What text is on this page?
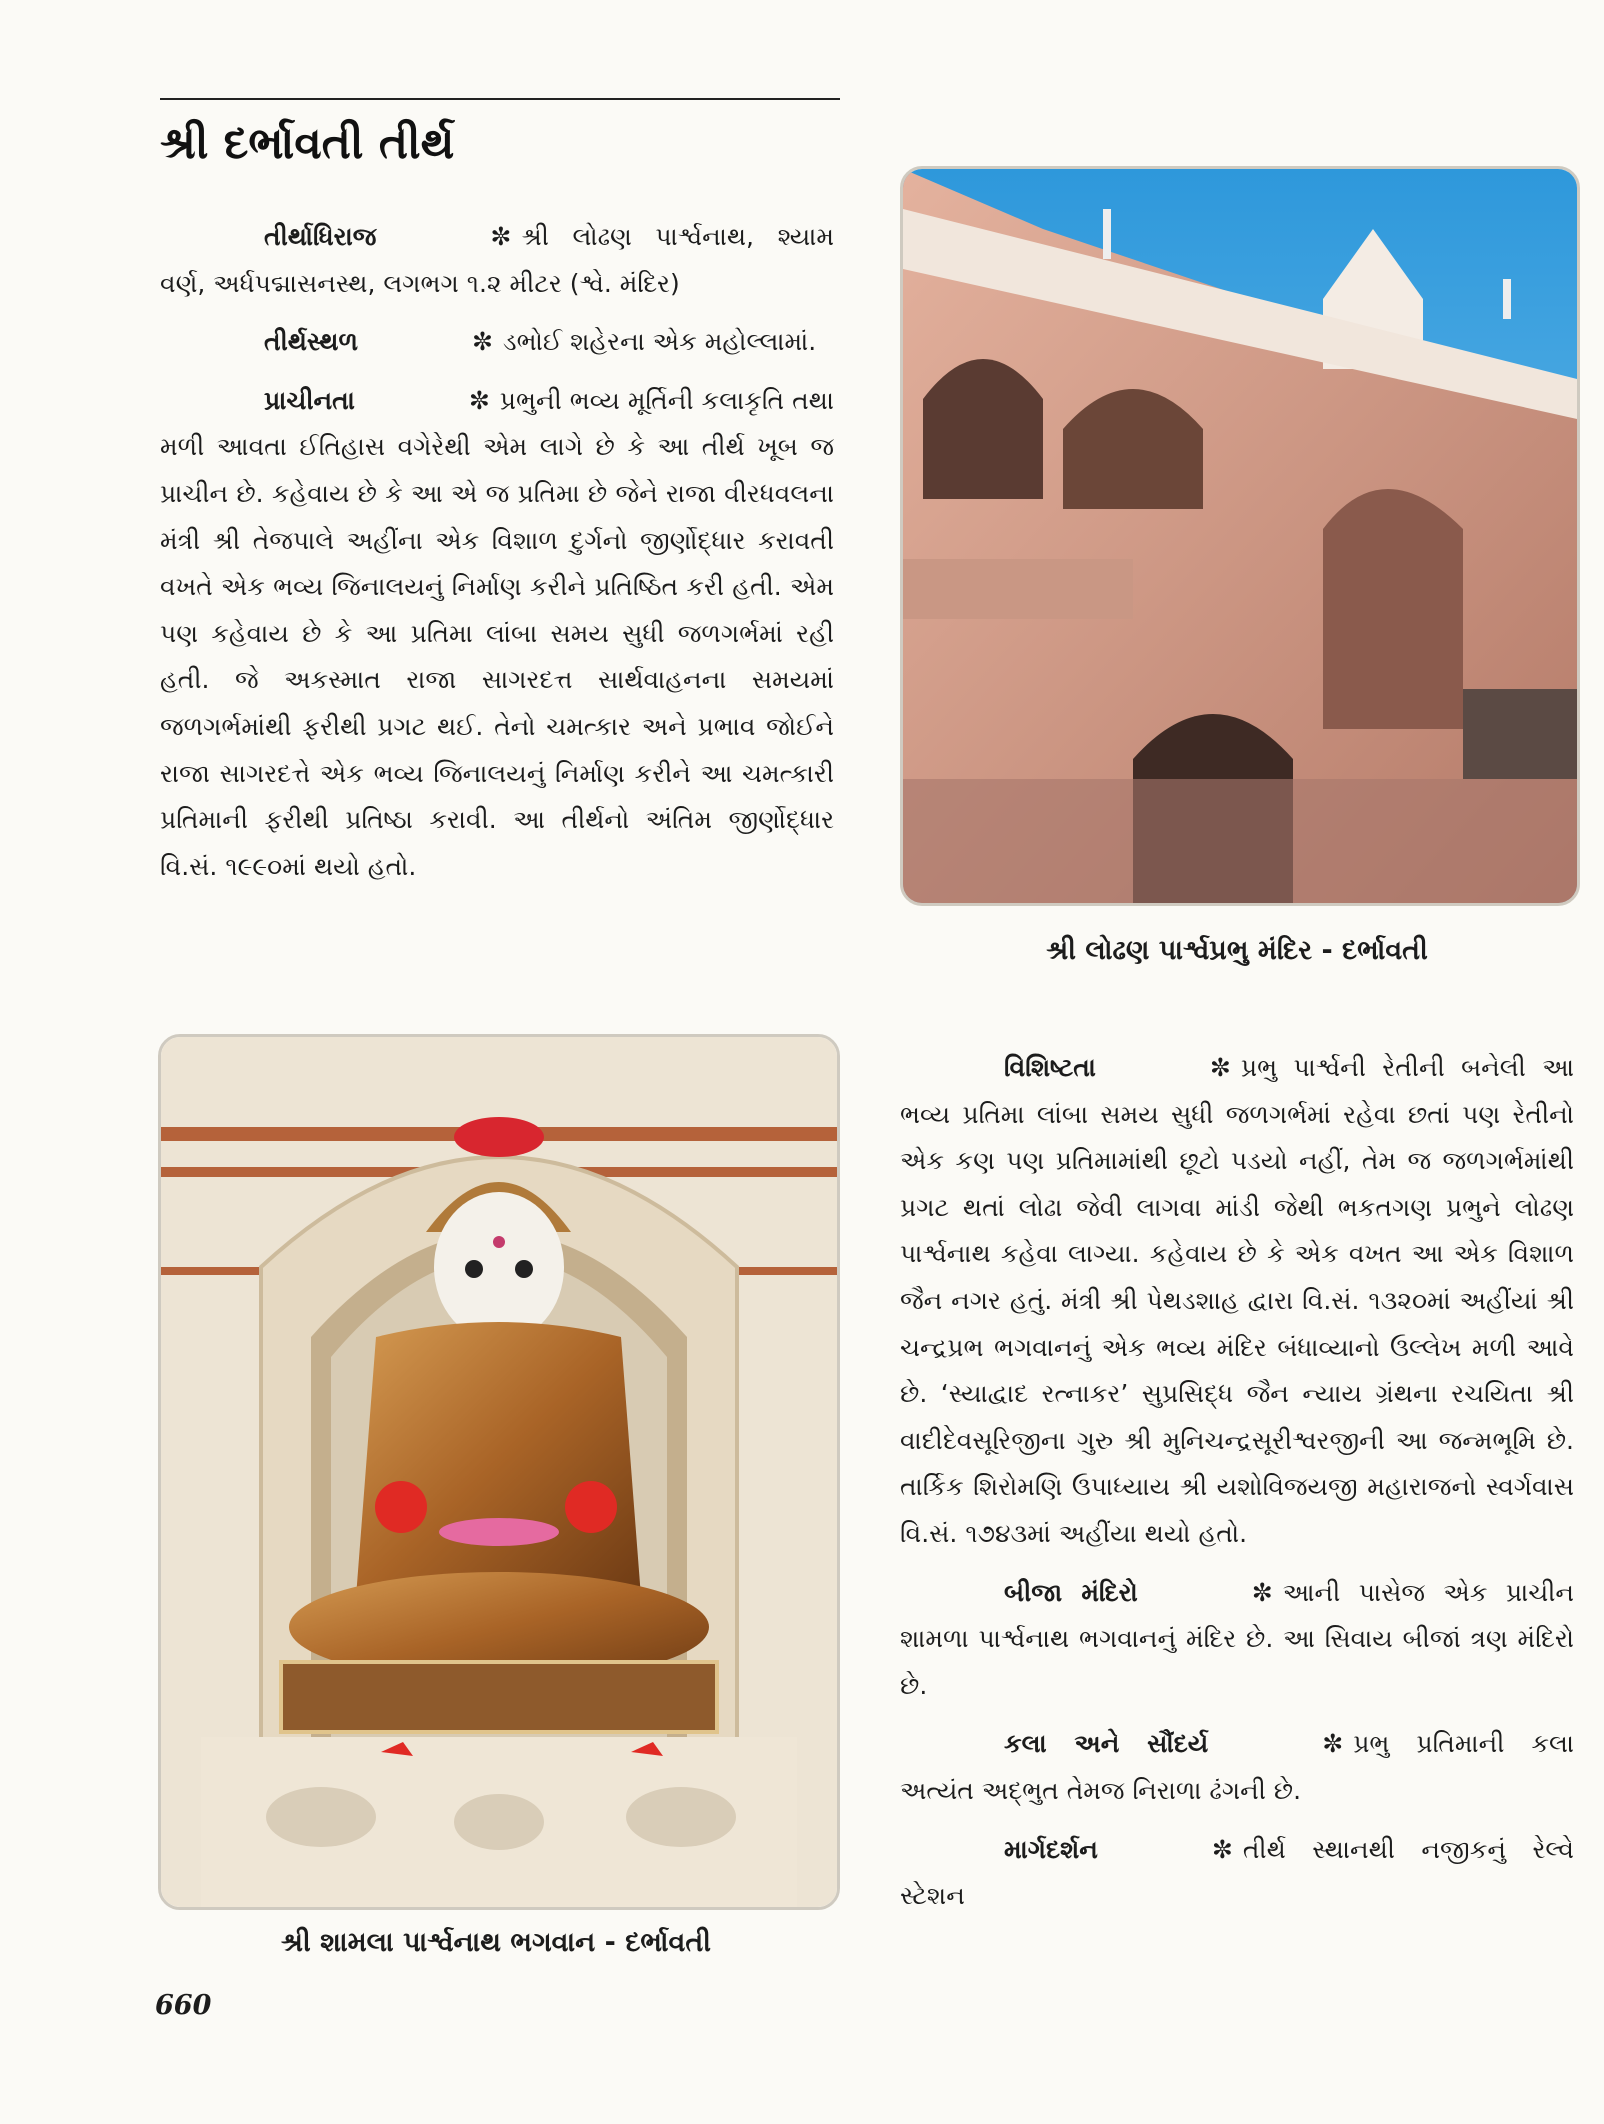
શ્રી દર્ભાવતી તીર્થ

તીર્થાધિરાજ	✼ શ્રી લોઢણ પાર્શ્વનાથ, શ્યામ વર્ણ, અર્ધપદ્માસનસ્થ, લગભગ ૧.૨ મીટર (શ્વે. મંદિર)

તીર્થસ્થળ	✼ ડભોઈ શહેરના એક મહોલ્લામાં.

પ્રાચીનતા	✼ પ્રભુની ભવ્ય મૂર્તિની કલાકૃતિ તથા મળી આવતા ઈતિહાસ વગેરેથી એમ લાગે છે કે આ તીર્થ ખૂબ જ પ્રાચીન છે. કહેવાય છે કે આ એ જ પ્રતિમા છે જેને રાજા વીરધવલના મંત્રી શ્રી તેજપાલે અહીંના એક વિશાળ દુર્ગનો જીર્ણોદ્ધાર કરાવતી વખતે એક ભવ્ય જિનાલયનું નિર્માણ કરીને પ્રતિષ્ઠિત કરી હતી. એમ પણ કહેવાય છે કે આ પ્રતિમા લાંબા સમય સુધી જળગર્ભમાં રહી હતી. જે અકસ્માત રાજા સાગરદત્ત સાર્થવાહનના સમયમાં જળગર્ભમાંથી ફરીથી પ્રગટ થઈ. તેનો ચમત્કાર અને પ્રભાવ જોઈને રાજા સાગરદત્તે એક ભવ્ય જિનાલયનું નિર્માણ કરીને આ ચમત્કારી પ્રતિમાની ફરીથી પ્રતિષ્ઠા કરાવી. આ તીર્થનો અંતિમ જીર્ણોદ્ધાર વિ.સં. ૧૯૯૦માં થયો હતો.

શ્રી લોઢણ પાર્શ્વપ્રભુ મંદિર - દર્ભાવતી
શ્રી શામલા પાર્શ્વનાથ ભગવાન - દર્ભાવતી

વિશિષ્ટતા	✼ પ્રભુ પાર્શ્વની રેતીની બનેલી આ ભવ્ય પ્રતિમા લાંબા સમય સુધી જળગર્ભમાં રહેવા છતાં પણ રેતીનો એક કણ પણ પ્રતિમામાંથી છૂટો પડયો નહીં, તેમ જ જળગર્ભમાંથી પ્રગટ થતાં લોઢા જેવી લાગવા માંડી જેથી ભકતગણ પ્રભુને લોઢણ પાર્શ્વનાથ કહેવા લાગ્યા. કહેવાય છે કે એક વખત આ એક વિશાળ જૈન નગર હતું. મંત્રી શ્રી પેથડશાહ દ્વારા વિ.સં. ૧૩૨૦માં અહીંયાં શ્રી ચન્દ્રપ્રભ ભગવાનનું એક ભવ્ય મંદિર બંધાવ્યાનો ઉલ્લેખ મળી આવે છે. ‘સ્યાદ્વાદ રત્નાકર’ સુપ્રસિદ્ધ જૈન ન્યાય ગ્રંથના રચયિતા શ્રી વાદીદેવસૂરિજીના ગુરુ શ્રી મુનિચન્દ્રસૂરીશ્વરજીની આ જન્મભૂમિ છે. તાર્કિક શિરોમણિ ઉપાધ્યાય શ્રી યશોવિજયજી મહારાજનો સ્વર્ગવાસ વિ.સં. ૧૭૪૩માં અહીંયા થયો હતો.

બીજા મંદિરો	✼ આની પાસેજ એક પ્રાચીન શામળા પાર્શ્વનાથ ભગવાનનું મંદિર છે. આ સિવાય બીજાં ત્રણ મંદિરો છે.

કલા અને સૌંદર્ય	✼ પ્રભુ પ્રતિમાની કલા અત્યંત અદ્ભુત તેમજ નિરાળા ઢંગની છે.

માર્ગદર્શન	✼ તીર્થ સ્થાનથી નજીકનું રેલ્વે સ્ટેશન

660
